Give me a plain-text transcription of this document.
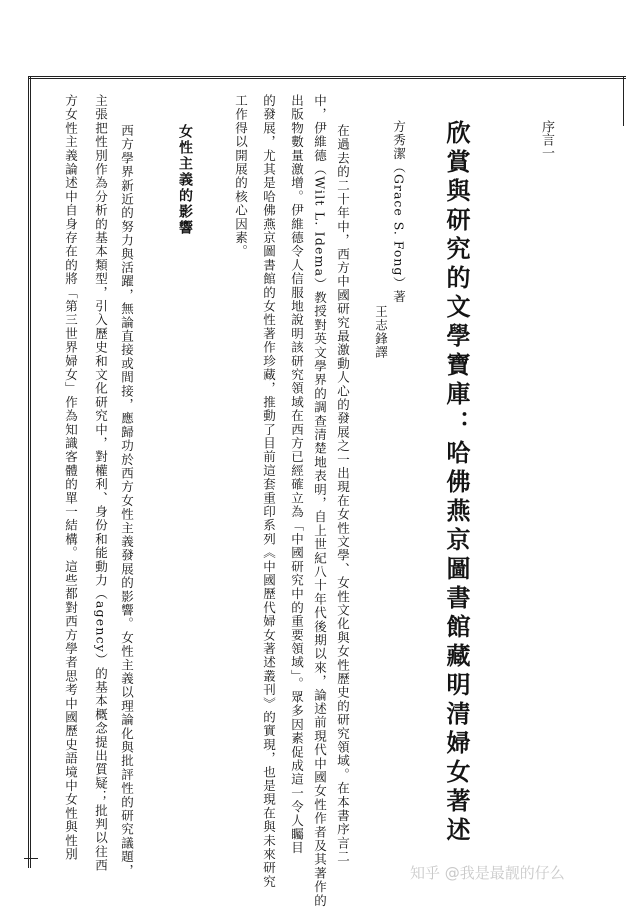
序言一
欣賞與研究的文學寶庫：
哈佛燕京圖書館藏明清婦女著述
方秀潔（Grace S. Fong）著
王志鋒譯
在過去的二十年中，西方中國研究最激動人心的發展之一出現在女性文學、女性文化與女性歷史的研究領域。在本書序言二
中，伊維德（Wilt L. Idema）教授對英文學界的調查清楚地表明，自上世紀八十年代後期以來，論述前現代中國女性作者及其著作的
出版物數量激增。伊維德令人信服地說明該研究領域在西方已經確立為「中國研究中的重要領域」。眾多因素促成這一令人矚目
的發展，尤其是哈佛燕京圖書館的女性著作珍藏，推動了目前這套重印系列《中國歷代婦女著述叢刊》的實現，也是現在與未來研究
工作得以開展的核心因素。
女性主義的影響
西方學界新近的努力與活躍，無論直接或間接，應歸功於西方女性主義發展的影響。女性主義以理論化與批評性的研究議題，
主張把性別作為分析的基本類型，引入歷史和文化研究中，對權利、身份和能動力（agency）的基本概念提出質疑；批判以往西
方女性主義論述中自身存在的將「第三世界婦女」作為知識客體的單一結構。這些都對西方學者思考中國歷史語境中女性與性別
知乎 @我是最靓的仔么
